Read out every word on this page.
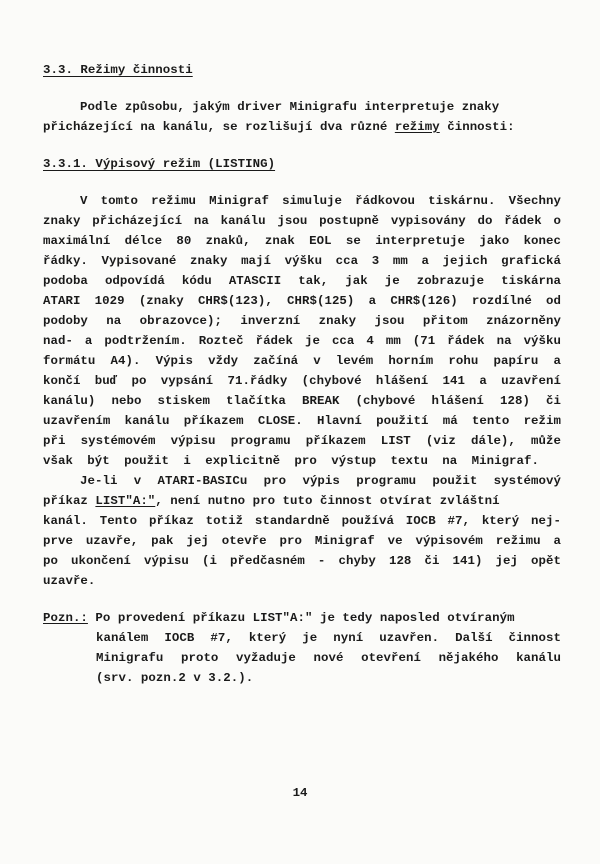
3.3. Režimy činnosti
Podle způsobu, jakým driver Minigrafu interpretuje znaky
přicházející na kanálu, se rozlišují dva různé režimy činnosti:
3.3.1. Výpisový režim (LISTING)
V tomto režimu Minigraf simuluje řádkovou tiskárnu. Všechny
znaky přicházející na kanálu jsou postupně vypisovány do řádek o
maximální délce 80 znaků, znak EOL se interpretuje jako konec
řádky. Vypisované znaky mají výšku cca 3 mm a jejich grafická
podoba odpovídá kódu ATASCII tak, jak je zobrazuje tiskárna
ATARI 1029 (znaky CHR$(123), CHR$(125) a CHR$(126) rozdílné od
podoby na obrazovce); inverzní znaky jsou přitom znázorněny
nad- a podtržením. Rozteč řádek je cca 4 mm (71 řádek na výšku
formátu A4). Výpis vždy začíná v levém horním rohu papíru a
končí buď po vypsání 71.řádky (chybové hlášení 141 a uzavření
kanálu) nebo stiskem tlačítka BREAK (chybové hlášení 128) či
uzavřením kanálu příkazem CLOSE. Hlavní použití má tento režim
při systémovém výpisu programu příkazem LIST (viz dále), může
však být použit i explicitně pro výstup textu na Minigraf.
Je-li v ATARI-BASICu pro výpis programu použit systémový
příkaz LIST"A:", není nutno pro tuto činnost otvírat zvláštní
kanál. Tento příkaz totiž standardně používá IOCB #7, který nej-
prve uzavře, pak jej otevře pro Minigraf ve výpisovém režimu a
po ukončení výpisu (i předčasném - chyby 128 či 141) jej opět
uzavře.
Pozn.: Po provedení příkazu LIST"A:" je tedy naposled otvíraným
kanálem IOCB #7, který je nyní uzavřen. Další činnost
Minigrafu proto vyžaduje nové otevření nějakého kanálu
(srv. pozn.2 v 3.2.).
14
